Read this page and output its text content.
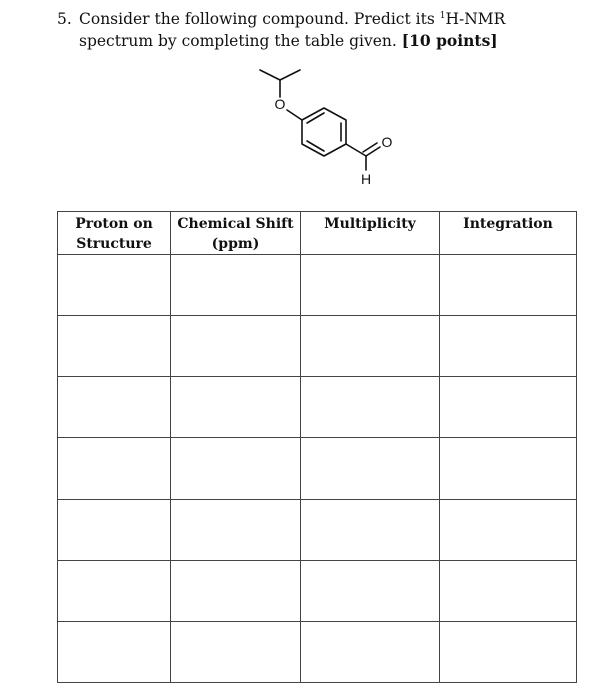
5. Consider the following compound. Predict its $^1$H-NMR spectrum by completing the table given. [10 points]
O
O
H
Proton on Structure	Chemical Shift (ppm)	Multiplicity	Integration
